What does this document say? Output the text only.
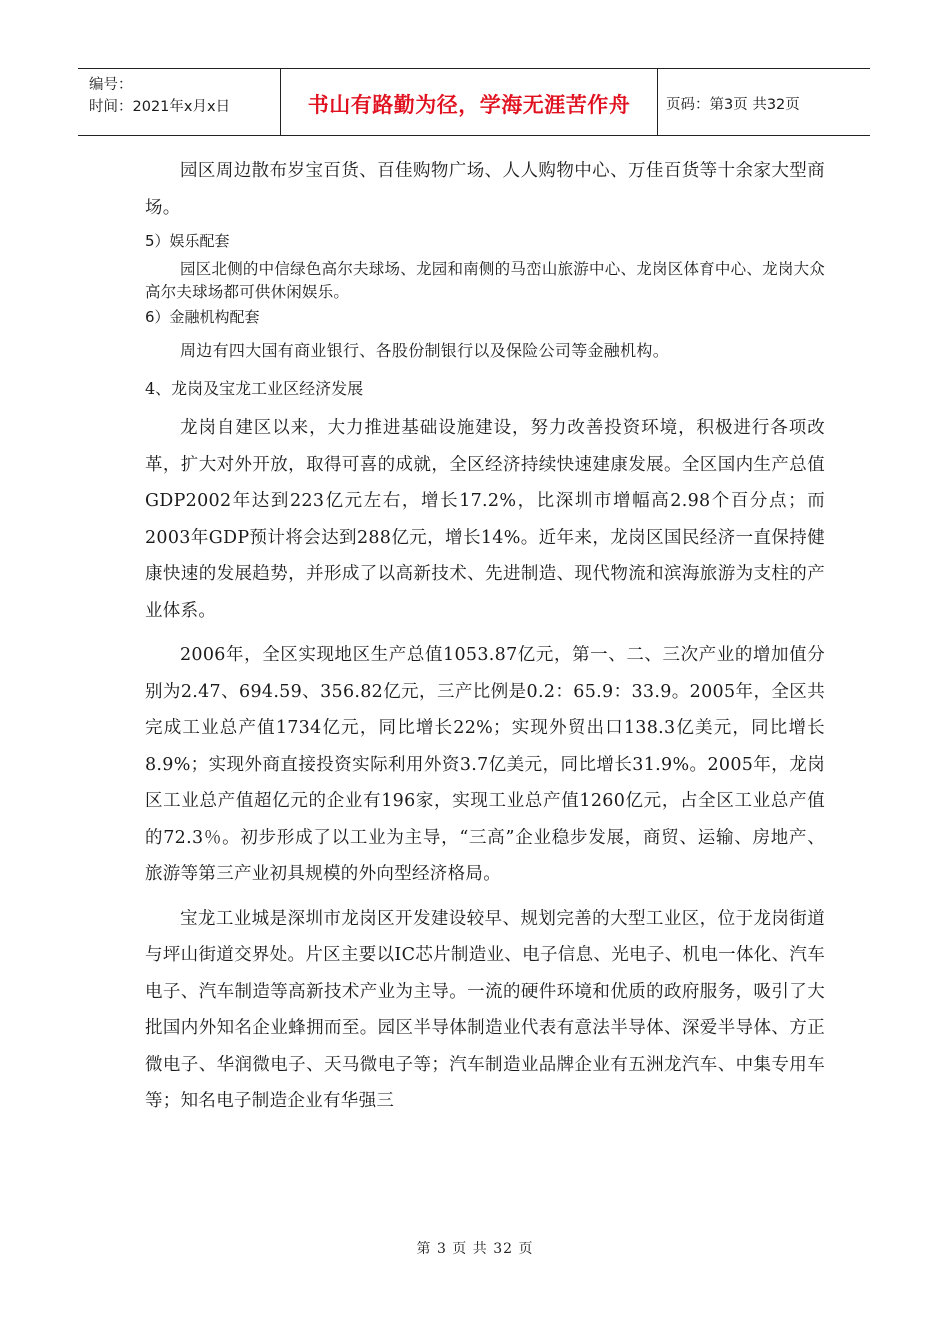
编号：
时间：2021年x月x日	书山有路勤为径，学海无涯苦作舟	页码：第3页 共32页

园区周边散布岁宝百货、百佳购物广场、人人购物中心、万佳百货等十余家大型商场。

5）娱乐配套

园区北侧的中信绿色高尔夫球场、龙园和南侧的马峦山旅游中心、龙岗区体育中心、龙岗大众高尔夫球场都可供休闲娱乐。

6）金融机构配套

周边有四大国有商业银行、各股份制银行以及保险公司等金融机构。

4、龙岗及宝龙工业区经济发展

龙岗自建区以来，大力推进基础设施建设，努力改善投资环境，积极进行各项改革，扩大对外开放，取得可喜的成就，全区经济持续快速建康发展。全区国内生产总值GDP2002年达到223亿元左右，增长17.2%，比深圳市增幅高2.98个百分点；而2003年GDP预计将会达到288亿元，增长14%。近年来，龙岗区国民经济一直保持健康快速的发展趋势，并形成了以高新技术、先进制造、现代物流和滨海旅游为支柱的产业体系。

2006年，全区实现地区生产总值1053.87亿元，第一、二、三次产业的增加值分别为2.47、694.59、356.82亿元，三产比例是0.2：65.9：33.9。2005年，全区共完成工业总产值1734亿元，同比增长22%；实现外贸出口138.3亿美元，同比增长8.9%；实现外商直接投资实际利用外资3.7亿美元，同比增长31.9%。2005年，龙岗区工业总产值超亿元的企业有196家，实现工业总产值1260亿元，占全区工业总产值的72.3％。初步形成了以工业为主导，“三高”企业稳步发展，商贸、运输、房地产、旅游等第三产业初具规模的外向型经济格局。

宝龙工业城是深圳市龙岗区开发建设较早、规划完善的大型工业区，位于龙岗街道与坪山街道交界处。片区主要以IC芯片制造业、电子信息、光电子、机电一体化、汽车电子、汽车制造等高新技术产业为主导。一流的硬件环境和优质的政府服务，吸引了大批国内外知名企业蜂拥而至。园区半导体制造业代表有意法半导体、深爱半导体、方正微电子、华润微电子、天马微电子等；汽车制造业品牌企业有五洲龙汽车、中集专用车等；知名电子制造企业有华强三

第 3 页 共 32 页
